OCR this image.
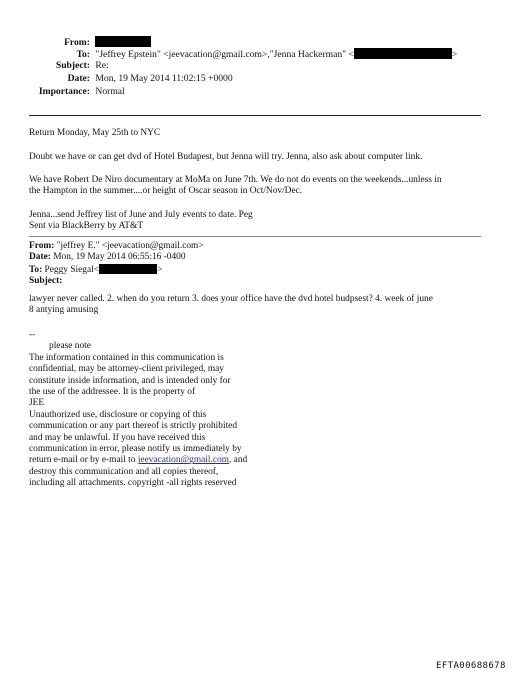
From:
To: "Jeffrey Epstein" <jeevacation@gmail.com>,"Jenna Hackerman" <	>
Subject: Re:
Date: Mon, 19 May 2014 11:02:15 +0000
Importance: Normal

Return Monday, May 25th to NYC

Doubt we have or can get dvd of Hotel Budapest, but Jenna will try. Jenna, also ask about computer link.

We have Robert De Niro documentary at MoMa on June 7th. We do not do events on the weekends...unless in

the Hampton in the summer....or height of Oscar season in Oct/Nov/Dec.

Jenna...send Jeffrey list of June and July events to date. Peg

Sent via BlackBerry by AT&T

From: "jeffrey E." <jeevacation@gmail.com>

Date: Mon, 19 May 2014 06:55:16 -0400

To: Peggy Siegal<	>

Subject:

lawyer never called. 2. when do you return 3. does your office have the dvd hotel budpsest? 4. week of june

8 antying amusing

--

please note

The information contained in this communication is

confidential, may be attorney-client privileged, may

constitute inside information, and is intended only for

the use of the addressee. It is the property of

JEE

Unauthorized use, disclosure or copying of this

communication or any part thereof is strictly prohibited

and may be unlawful. If you have received this

communication in error, please notify us immediately by

return e-mail or by e-mail to jeevacation@gmail.com, and

destroy this communication and all copies thereof,

including all attachments. copyright -all rights reserved

EFTA00688678
